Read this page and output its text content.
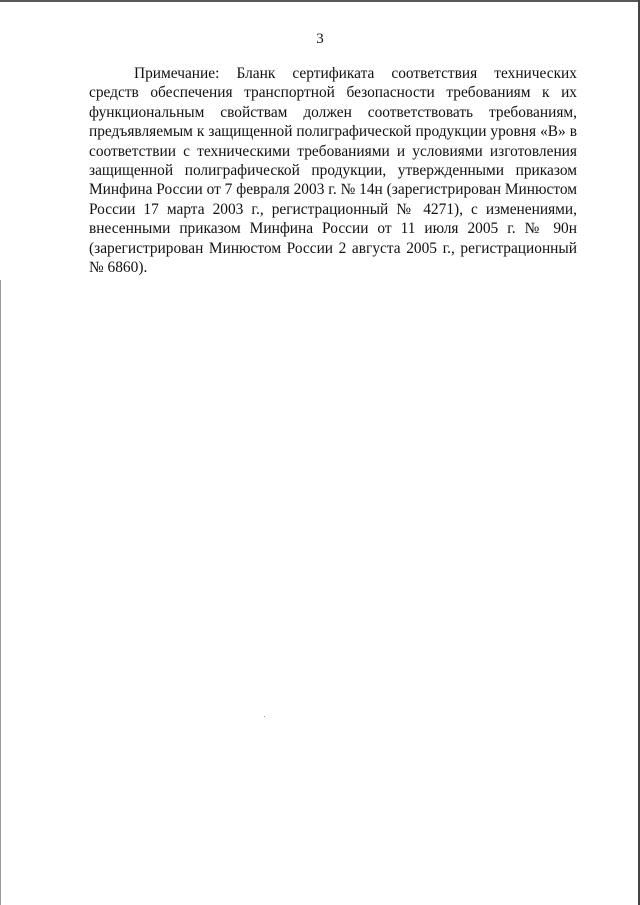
3

Примечание: Бланк сертификата соответствия технических средств обеспечения транспортной безопасности требованиям к их функциональным свойствам должен соответствовать требованиям, предъявляемым к защищенной полиграфической продукции уровня «В» в соответствии с техническими требованиями и условиями изготовления защищенной полиграфической продукции, утвержденными приказом Минфина России от 7 февраля 2003 г. № 14н (зарегистрирован Минюстом России 17 марта 2003 г., регистрационный № 4271), с изменениями, внесенными приказом Минфина России от 11 июля 2005 г. № 90н (зарегистрирован Минюстом России 2 августа 2005 г., регистрационный № 6860).
